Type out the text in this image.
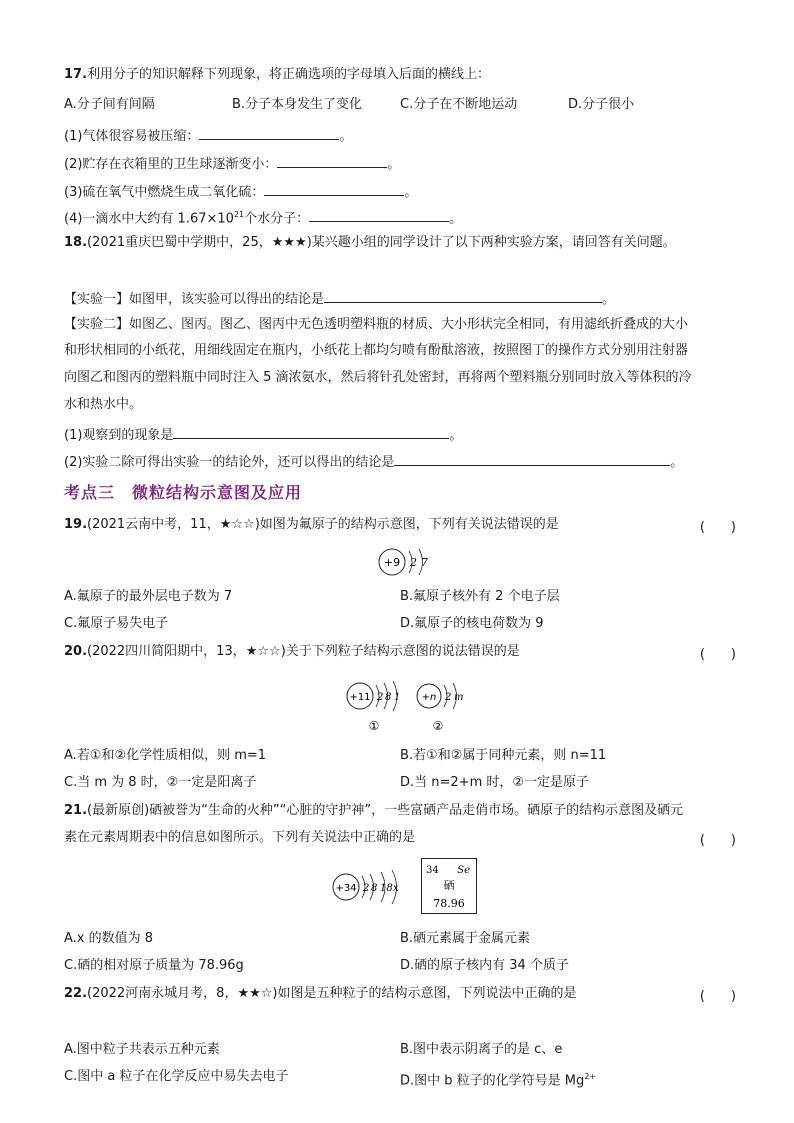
17.利用分子的知识解释下列现象，将正确选项的字母填入后面的横线上：
A.分子间有间隔	B.分子本身发生了变化	C.分子在不断地运动	D.分子很小
(1)气体很容易被压缩：	。
(2)贮存在衣箱里的卫生球逐渐变小：	。
(3)硫在氧气中燃烧生成二氧化硫：	。
(4)一滴水中大约有 $1.67\times 10^{21}$个水分子：	。
18.(2021重庆巴蜀中学期中，25，★★★)某兴趣小组的同学设计了以下两种实验方案，请回答有关问题。
【实验一】如图甲，该实验可以得出的结论是	。
【实验二】如图乙、图丙。图乙、图丙中无色透明塑料瓶的材质、大小形状完全相同，有用滤纸折叠成的大小
和形状相同的小纸花，用细线固定在瓶内，小纸花上都均匀喷有酚酞溶液，按照图丁的操作方式分别用注射器
向图乙和图丙的塑料瓶中同时注入 5 滴浓氨水，然后将针孔处密封，再将两个塑料瓶分别同时放入等体积的冷
水和热水中。
(1)观察到的现象是	。
(2)实验二除可得出实验一的结论外，还可以得出的结论是	。
考点三　微粒结构示意图及应用
19.(2021云南中考，11，★☆☆)如图为氟原子的结构示意图，下列有关说法错误的是	(　　)
+9 2 7
A.氟原子的最外层电子数为 7	B.氟原子核外有 2 个电子层
C.氟原子易失电子	D.氟原子的核电荷数为 9
20.(2022四川简阳期中，13，★☆☆)关于下列粒子结构示意图的说法错误的是	(　　)
+11 2 8 1 +n 2 m
①	②
A.若①和②化学性质相似，则 m=1	B.若①和②属于同种元素，则 n=11
C.当 m 为 8 时，②一定是阳离子	D.当 n=2+m 时，②一定是原子
21.(最新原创)硒被誉为“生命的火种”“心脏的守护神”，一些富硒产品走俏市场。硒原子的结构示意图及硒元
素在元素周期表中的信息如图所示。下列有关说法中正确的是	(　　)
+34 2 8 18 x
34 Se
硒
78.96
A.x 的数值为 8	B.硒元素属于金属元素
C.硒的相对原子质量为 78.96g	D.硒的原子核内有 34 个质子
22.(2022河南永城月考，8，★★☆)如图是五种粒子的结构示意图，下列说法中正确的是	(　　)
A.图中粒子共表示五种元素	B.图中表示阴离子的是 c、e
C.图中 a 粒子在化学反应中易失去电子	D.图中 b 粒子的化学符号是 $Mg^{2+}$
